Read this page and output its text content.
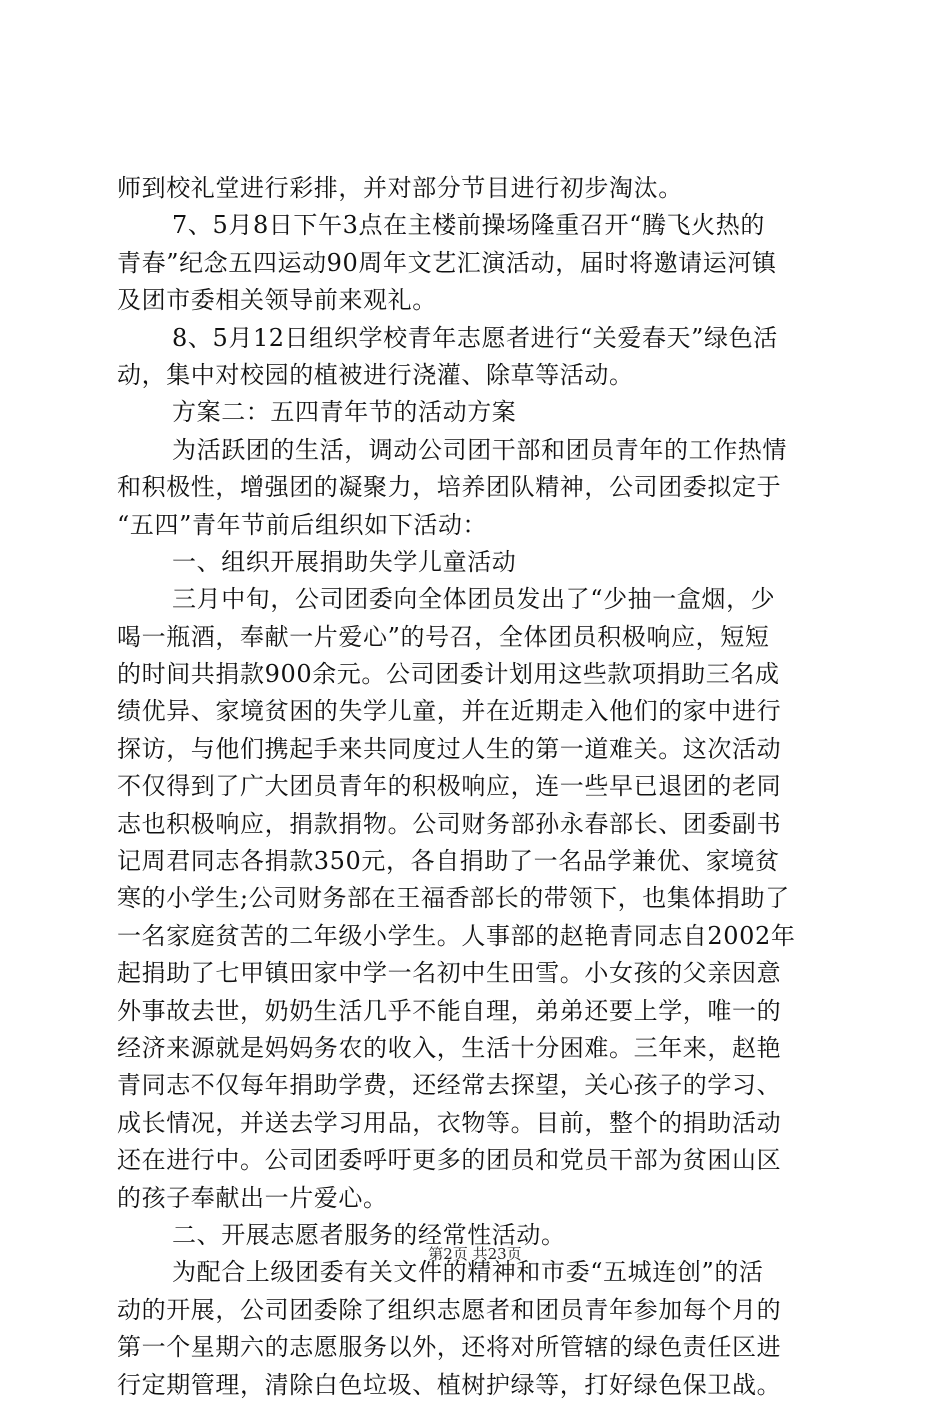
师到校礼堂进行彩排，并对部分节目进行初步淘汰。
7、5月8日下午3点在主楼前操场隆重召开“腾飞火热的
青春”纪念五四运动90周年文艺汇演活动，届时将邀请运河镇
及团市委相关领导前来观礼。
8、5月12日组织学校青年志愿者进行“关爱春天”绿色活
动，集中对校园的植被进行浇灌、除草等活动。
方案二：五四青年节的活动方案
为活跃团的生活，调动公司团干部和团员青年的工作热情
和积极性，增强团的凝聚力，培养团队精神，公司团委拟定于
“五四”青年节前后组织如下活动：
一、组织开展捐助失学儿童活动
三月中旬，公司团委向全体团员发出了“少抽一盒烟，少
喝一瓶酒，奉献一片爱心”的号召，全体团员积极响应，短短
的时间共捐款900余元。公司团委计划用这些款项捐助三名成
绩优异、家境贫困的失学儿童，并在近期走入他们的家中进行
探访，与他们携起手来共同度过人生的第一道难关。这次活动
不仅得到了广大团员青年的积极响应，连一些早已退团的老同
志也积极响应，捐款捐物。公司财务部孙永春部长、团委副书
记周君同志各捐款350元，各自捐助了一名品学兼优、家境贫
寒的小学生;公司财务部在王福香部长的带领下，也集体捐助了
一名家庭贫苦的二年级小学生。人事部的赵艳青同志自2002年
起捐助了七甲镇田家中学一名初中生田雪。小女孩的父亲因意
外事故去世，奶奶生活几乎不能自理，弟弟还要上学，唯一的
经济来源就是妈妈务农的收入，生活十分困难。三年来，赵艳
青同志不仅每年捐助学费，还经常去探望，关心孩子的学习、
成长情况，并送去学习用品，衣物等。目前，整个的捐助活动
还在进行中。公司团委呼吁更多的团员和党员干部为贫困山区
的孩子奉献出一片爱心。
二、开展志愿者服务的经常性活动。
为配合上级团委有关文件的精神和市委“五城连创”的活
动的开展，公司团委除了组织志愿者和团员青年参加每个月的
第一个星期六的志愿服务以外，还将对所管辖的绿色责任区进
行定期管理，清除白色垃圾、植树护绿等，打好绿色保卫战。
第2页 共23页
